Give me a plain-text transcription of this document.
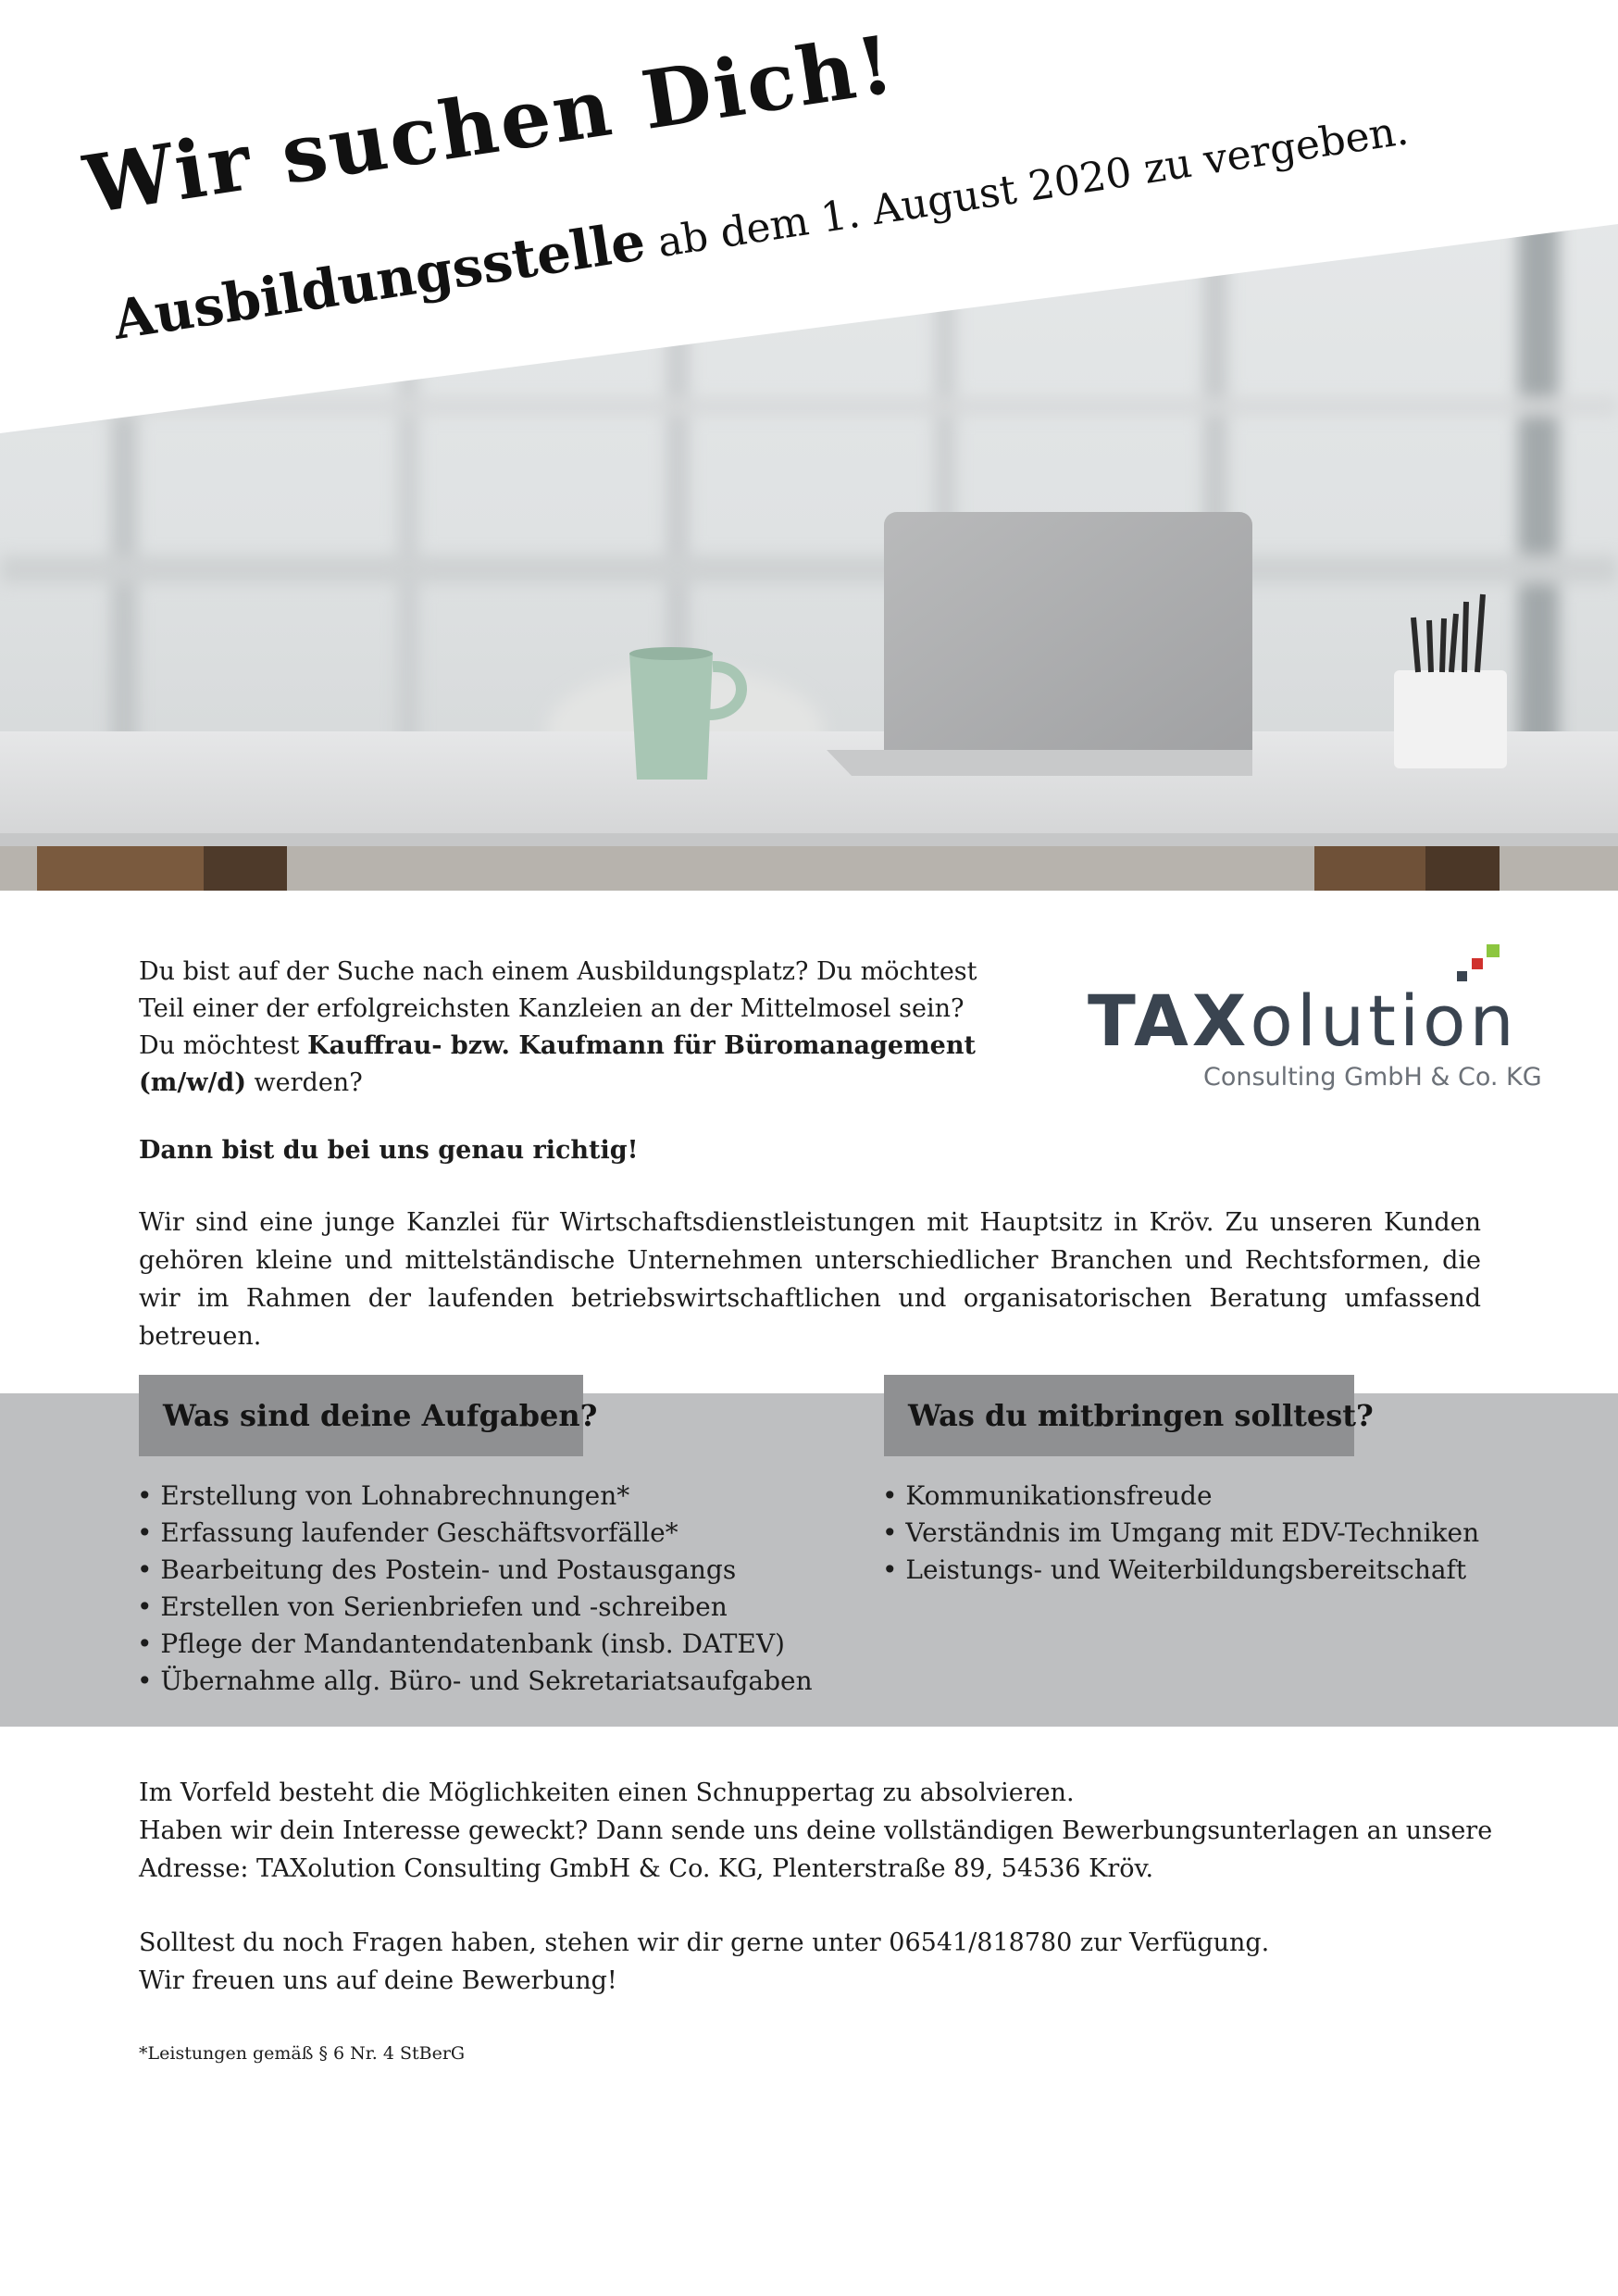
Wir suchen Dich!

Ausbildungsstelle ab dem 1. August 2020 zu vergeben.

Du bist auf der Suche nach einem Ausbildungsplatz? Du möchtest
Teil einer der erfolgreichsten Kanzleien an der Mittelmosel sein?
Du möchtest Kauffrau- bzw. Kaufmann für Büromanagement
(m/w/d) werden?

TAXolution
Consulting GmbH & Co. KG

Dann bist du bei uns genau richtig!

Wir sind eine junge Kanzlei für Wirtschaftsdienstleistungen mit Hauptsitz in Kröv. Zu unseren Kunden gehören kleine und mittelständische Unternehmen unterschiedlicher Branchen und Rechtsformen, die wir im Rahmen der laufenden betriebswirtschaftlichen und organisatorischen Beratung umfassend betreuen.

Was sind deine Aufgaben?	Was du mitbringen solltest?
• Erstellung von Lohnabrechnungen*
• Erfassung laufender Geschäftsvorfälle*
• Bearbeitung des Postein- und Postausgangs
• Erstellen von Serienbriefen und -schreiben
• Pflege der Mandantendatenbank (insb. DATEV)
• Übernahme allg. Büro- und Sekretariatsaufgaben
• Kommunikationsfreude
• Verständnis im Umgang mit EDV-Techniken
• Leistungs- und Weiterbildungsbereitschaft

Im Vorfeld besteht die Möglichkeiten einen Schnuppertag zu absolvieren.
Haben wir dein Interesse geweckt? Dann sende uns deine vollständigen Bewerbungsunterlagen an unsere
Adresse: TAXolution Consulting GmbH & Co. KG, Plenterstraße 89, 54536 Kröv.

Solltest du noch Fragen haben, stehen wir dir gerne unter 06541/818780 zur Verfügung.
Wir freuen uns auf deine Bewerbung!

*Leistungen gemäß § 6 Nr. 4 StBerG
